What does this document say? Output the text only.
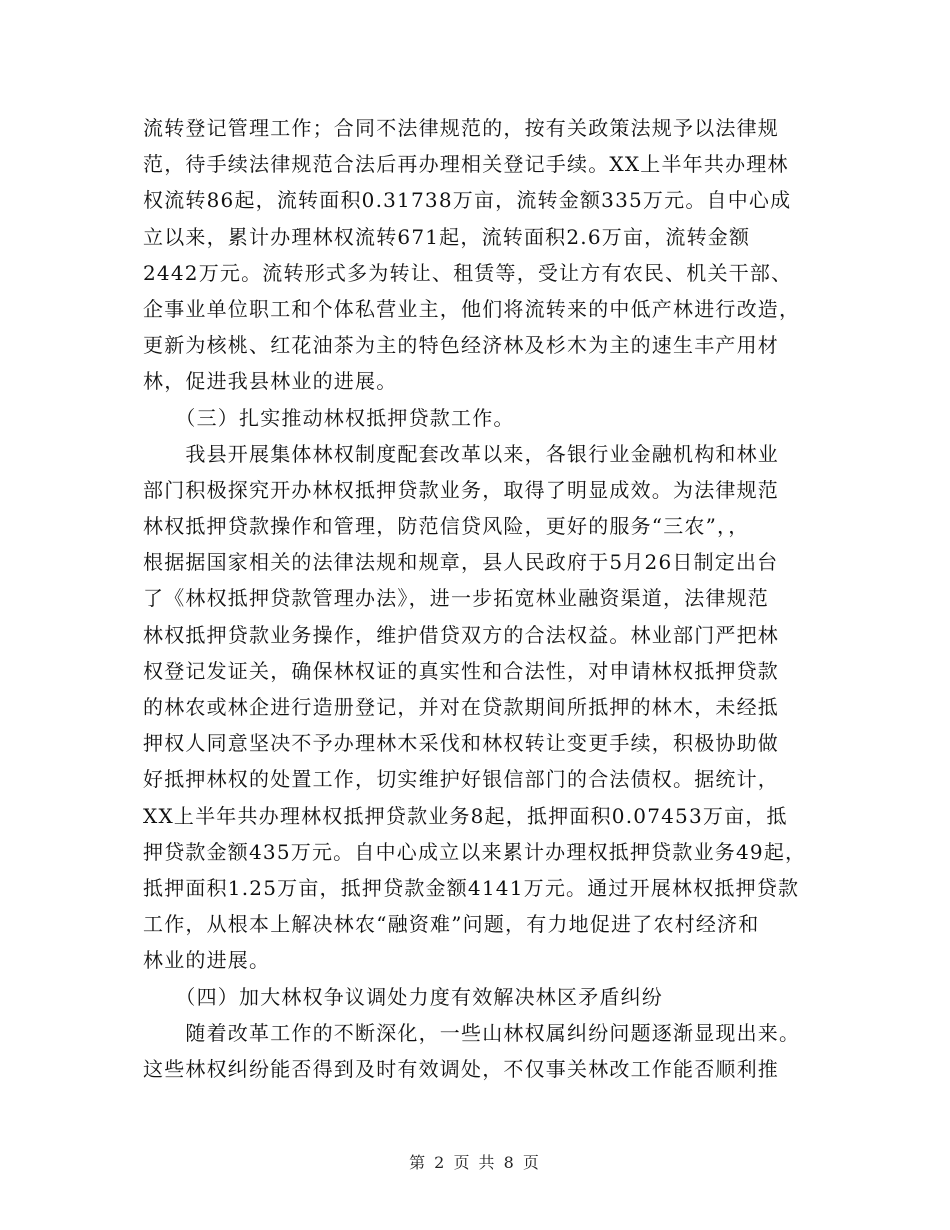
流转登记管理工作；合同不法律规范的，按有关政策法规予以法律规
范，待手续法律规范合法后再办理相关登记手续。XX上半年共办理林
权流转86起，流转面积0.31738万亩，流转金额335万元。自中心成
立以来，累计办理林权流转671起，流转面积2.6万亩，流转金额
2442万元。流转形式多为转让、租赁等，受让方有农民、机关干部、
企事业单位职工和个体私营业主，他们将流转来的中低产林进行改造，
更新为核桃、红花油茶为主的特色经济林及杉木为主的速生丰产用材
林，促进我县林业的进展。
　　（三）扎实推动林权抵押贷款工作。
　　我县开展集体林权制度配套改革以来，各银行业金融机构和林业
部门积极探究开办林权抵押贷款业务，取得了明显成效。为法律规范
林权抵押贷款操作和管理，防范信贷风险，更好的服务“三农”，，
根据据国家相关的法律法规和规章，县人民政府于5月26日制定出台
了《林权抵押贷款管理办法》，进一步拓宽林业融资渠道，法律规范
林权抵押贷款业务操作，维护借贷双方的合法权益。林业部门严把林
权登记发证关，确保林权证的真实性和合法性，对申请林权抵押贷款
的林农或林企进行造册登记，并对在贷款期间所抵押的林木，未经抵
押权人同意坚决不予办理林木采伐和林权转让变更手续，积极协助做
好抵押林权的处置工作，切实维护好银信部门的合法债权。据统计，
XX上半年共办理林权抵押贷款业务8起，抵押面积0.07453万亩，抵
押贷款金额435万元。自中心成立以来累计办理权抵押贷款业务49起，
抵押面积1.25万亩，抵押贷款金额4141万元。通过开展林权抵押贷款
工作，从根本上解决林农“融资难”问题，有力地促进了农村经济和
林业的进展。
　　（四）加大林权争议调处力度有效解决林区矛盾纠纷
　　随着改革工作的不断深化，一些山林权属纠纷问题逐渐显现出来。
这些林权纠纷能否得到及时有效调处，不仅事关林改工作能否顺利推
第 2 页 共 8 页
